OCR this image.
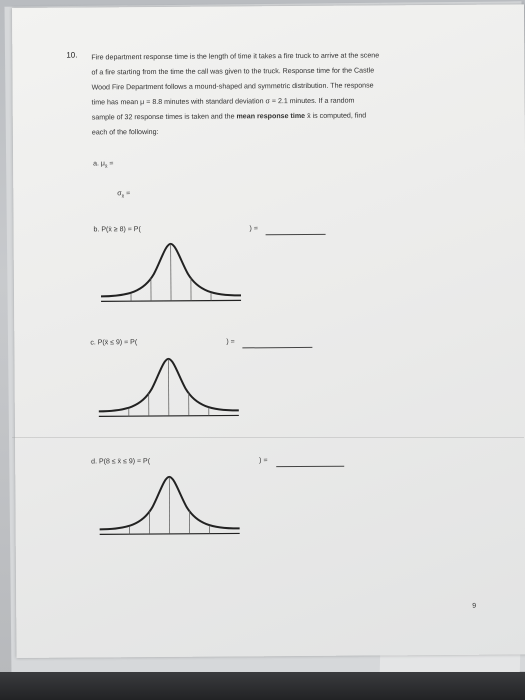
10. Fire department response time is the length of time it takes a fire truck to arrive at the scene

of a fire starting from the time the call was given to the truck. Response time for the Castle

Wood Fire Department follows a mound-shaped and symmetric distribution. The response

time has mean μ = 8.8 minutes with standard deviation σ = 2.1 minutes. If a random

sample of 32 response times is taken and the mean response time x̄ is computed, find

each of the following:

a. $\mu_{x̄}$ =
$\sigma_{x̄}$ =
b. P(x̄ ≥ 8) = P(	) =
c. P(x̄ ≤ 9) = P(	) =
d. P(8 ≤ x̄ ≤ 9) = P(	) =
9
